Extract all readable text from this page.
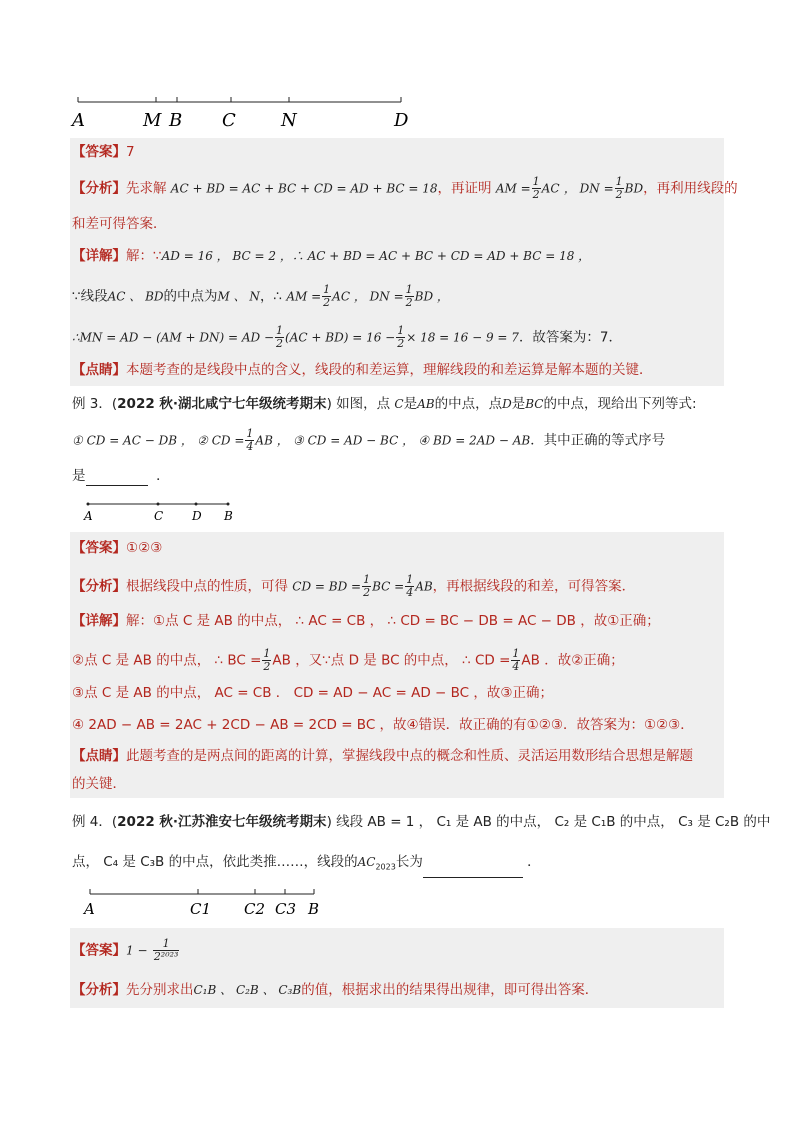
A	M B C	N	D
【答案】7
【分析】先求解 AC + BD = AC + BC + CD = AD + BC = 18，再证明 AM = $\frac{1}{2}$ AC ， DN = $\frac{1}{2}$ BD，再利用线段的
和差可得答案．
【详解】解：∵AD = 16 ， BC = 2 ，∴ AC + BD = AC + BC + CD = AD + BC = 18 ，
∵线段AC 、 BD的中点为M 、 N，∴ AM = $\frac{1}{2}$ AC ， DN = $\frac{1}{2}$ BD ，
∴MN = AD − (AM + DN) = AD − $\frac{1}{2} (AC + BD) = 16 - \frac{1}{2} \times 18 = 16 - 9 = 7$．故答案为：7．
【点睛】本题考查的是线段中点的含义，线段的和差运算，理解线段的和差运算是解本题的关键．
例 3．(2022 秋·湖北咸宁七年级统考期末) 如图，点 C是AB的中点，点D是BC的中点，现给出下列等式:
① CD = AC − DB ， ② CD = $\frac{1}{4}$ AB ， ③ CD = AD − BC ， ④ BD = 2AD − AB．其中正确的等式序号
是	．
A	C D B
【答案】①②③
【分析】根据线段中点的性质，可得 CD = BD = $\frac{1}{2}$ BC = $\frac{1}{4}$ AB，再根据线段的和差，可得答案．
【详解】解：①点 C 是 AB 的中点， ∴ AC = CB ， ∴ CD = BC − DB = AC − DB ，故①正确；
②点 C 是 AB 的中点， ∴ BC = $\frac{1}{2}$ AB ，又∵点 D 是 BC 的中点， ∴ CD = $\frac{1}{4}$ AB ．故②正确；
③点 C 是 AB 的中点， AC = CB ． CD = AD − AC = AD − BC ，故③正确；
④ 2AD − AB = 2AC + 2CD − AB = 2CD = BC ，故④错误．故正确的有①②③．故答案为：①②③．
【点睛】此题考查的是两点间的距离的计算，掌握线段中点的概念和性质、灵活运用数形结合思想是解题
的关键．
例 4．(2022 秋·江苏淮安七年级统考期末) 线段 AB = 1 ， C₁ 是 AB 的中点， C₂ 是 C₁B 的中点， C₃ 是 C₂B 的中
点， C₄ 是 C₃B 的中点，依此类推……，线段的$AC_{2023}$长为	．
A	C1 C2 C3 B
【答案】$1 - \frac{1}{\text{2²⁰²³}}$
【分析】先分别求出C₁B 、 C₂B 、 C₃B的值，根据求出的结果得出规律，即可得出答案．
